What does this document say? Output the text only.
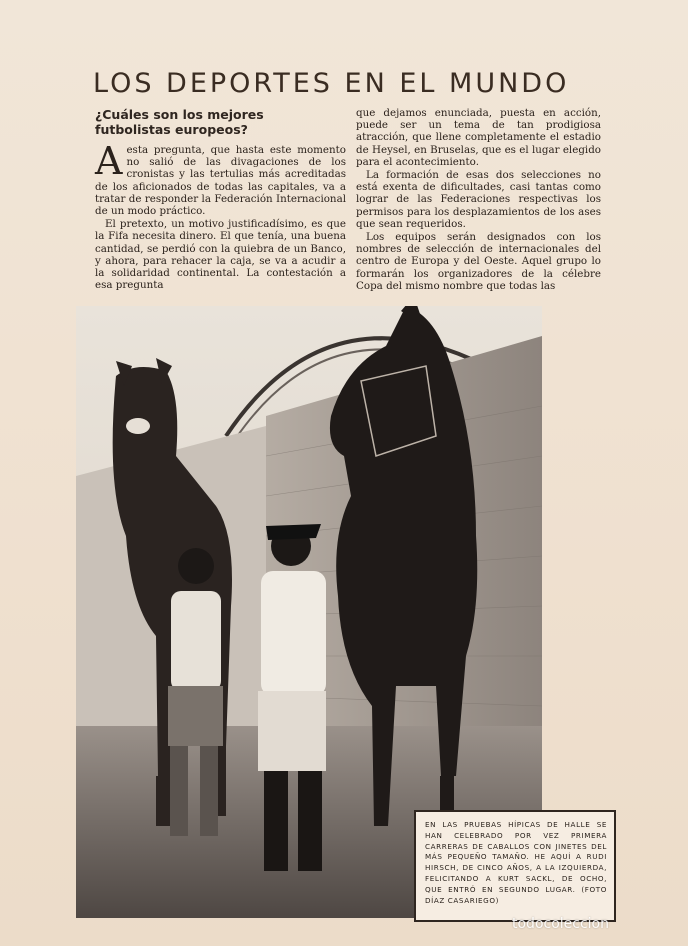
LOS DEPORTES EN EL MUNDO
¿Cuáles son los mejores futbolistas europeos?

Aesta pregunta, que hasta este momento no salió de las divagaciones de los cronistas y las tertulias más acreditadas de los aficionados de todas las capitales, va a tratar de responder la Federación Internacional de un modo práctico.

El pretexto, un motivo justificadísimo, es que la Fifa necesita dinero. El que tenía, una buena cantidad, se perdió con la quiebra de un Banco, y ahora, para rehacer la caja, se va a acudir a la solidaridad continental. La contestación a esa pregunta

que dejamos enunciada, puesta en acción, puede ser un tema de tan prodigiosa atracción, que llene completamente el estadio de Heysel, en Bruselas, que es el lugar elegido para el acontecimiento.

La formación de esas dos selecciones no está exenta de dificultades, casi tantas como lograr de las Federaciones respectivas los permisos para los desplazamientos de los ases que sean requeridos.

Los equipos serán designados con los nombres de selección de internacionales del centro de Europa y del Oeste. Aquel grupo lo formarán los organizadores de la célebre Copa del mismo nombre que todas las

EN LAS PRUEBAS HÍPICAS DE HALLE SE HAN CELEBRADO POR VEZ PRIMERA CARRERAS DE CABALLOS CON JINETES DEL MÁS PEQUEÑO TAMAÑO. HE AQUÍ A RUDI HIRSCH, DE CINCO AÑOS, A LA IZQUIERDA, FELICITANDO A KURT SACKL, DE OCHO, QUE ENTRÓ EN SEGUNDO LUGAR. (FOTO DÍAZ CASARIEGO)
todocoleccion
